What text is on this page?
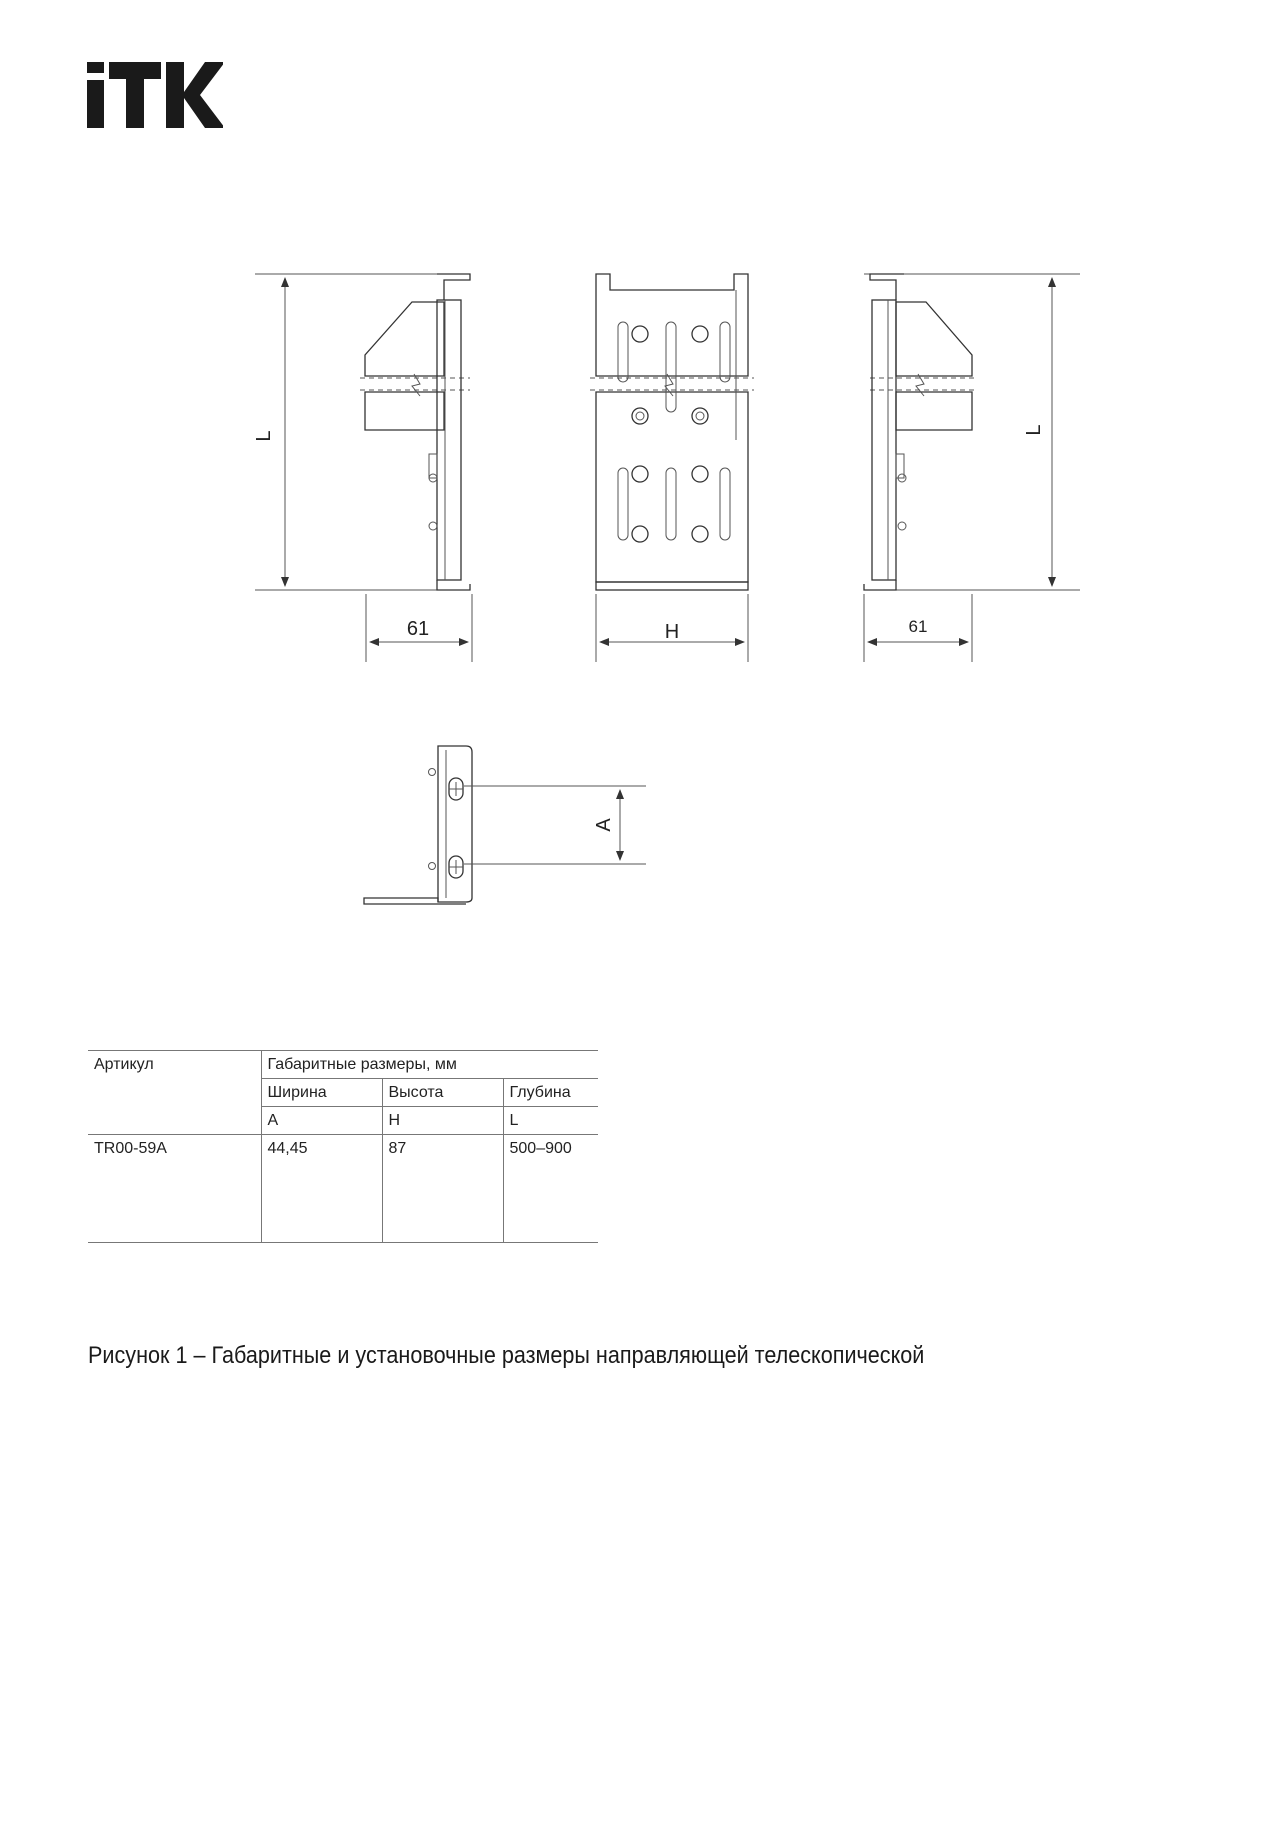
L
61	H
L
61
A
Артикул	Габаритные размеры, мм		
	Ширина	Высота	Глубина
	A	H	L
TR00-59A	44,45	87	500–900
Рисунок 1 – Габаритные и установочные размеры направляющей телескопической
